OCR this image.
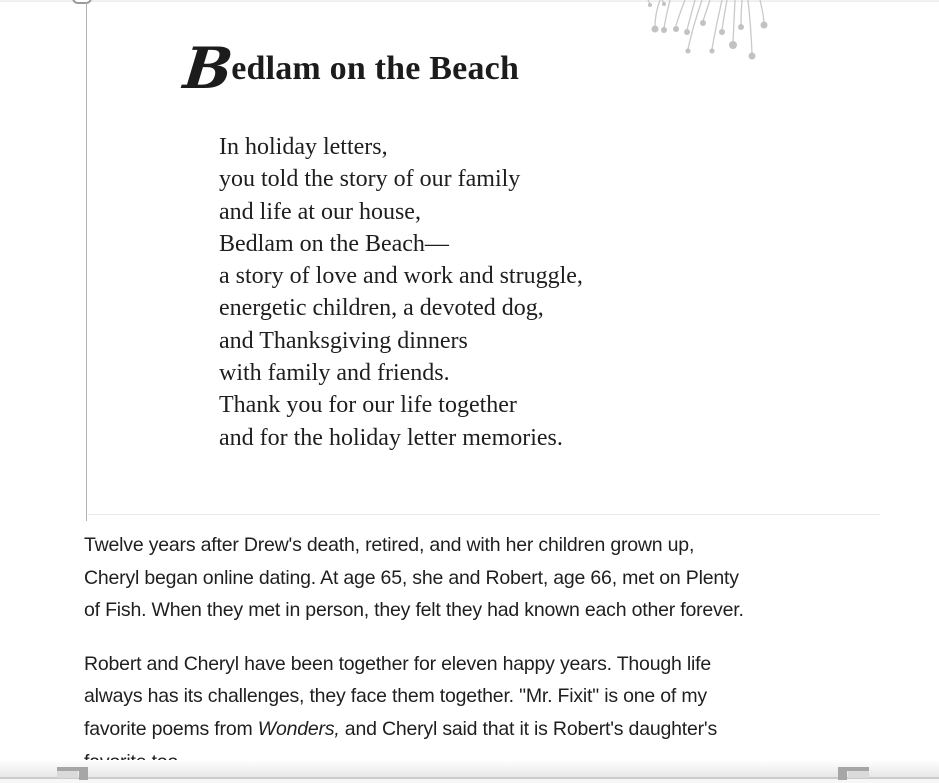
Bedlam on the Beach
In holiday letters,
you told the story of our family
and life at our house,
Bedlam on the Beach—
a story of love and work and struggle,
energetic children, a devoted dog,
and Thanksgiving dinners
with family and friends.
Thank you for our life together
and for the holiday letter memories.
Twelve years after Drew's death, retired, and with her children grown up,
Cheryl began online dating. At age 65, she and Robert, age 66, met on Plenty
of Fish. When they met in person, they felt they had known each other forever.
Robert and Cheryl have been together for eleven happy years. Though life
always has its challenges, they face them together. "Mr. Fixit" is one of my
favorite poems from Wonders, and Cheryl said that it is Robert's daughter's
